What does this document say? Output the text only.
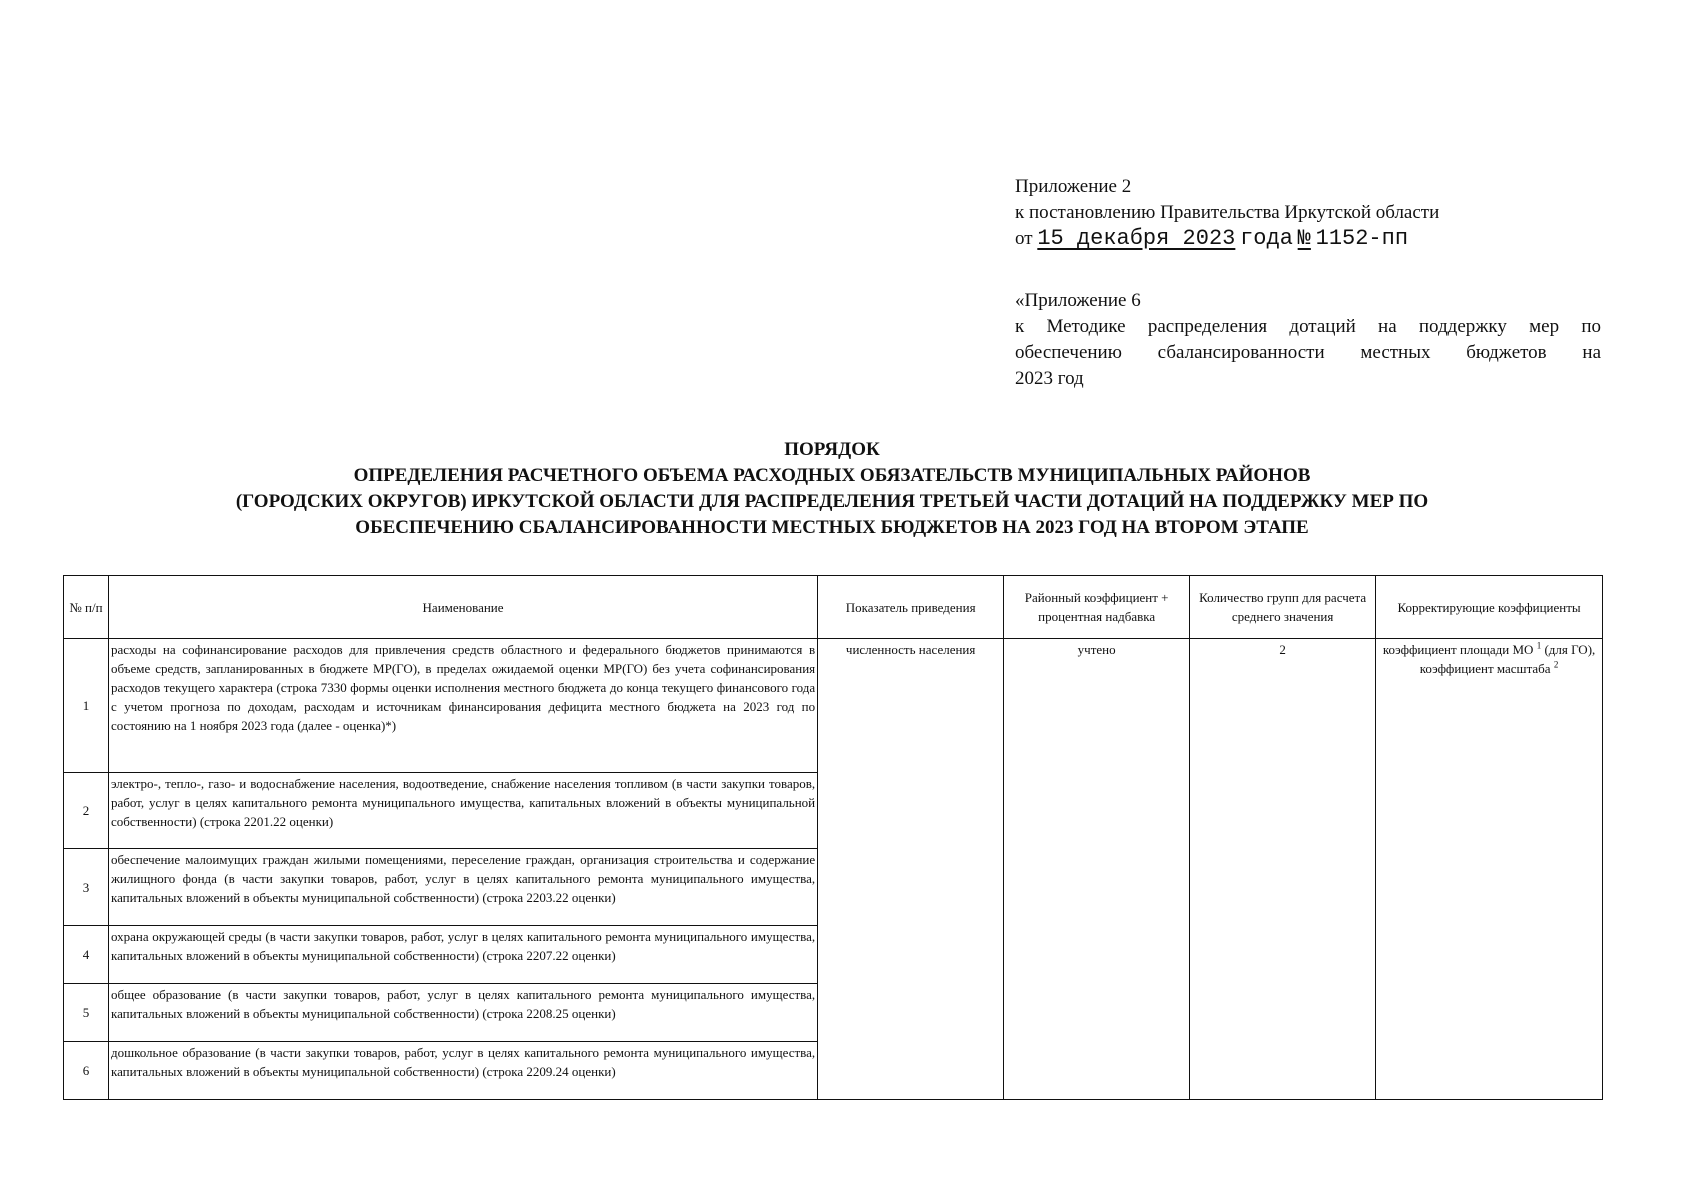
Приложение 2
к постановлению Правительства Иркутской области
от 15 декабря 2023 года № 1152-пп
«Приложение 6
к Методике распределения дотаций на поддержку мер по
обеспечению сбалансированности местных бюджетов на
2023 год
ПОРЯДОК
ОПРЕДЕЛЕНИЯ РАСЧЕТНОГО ОБЪЕМА РАСХОДНЫХ ОБЯЗАТЕЛЬСТВ МУНИЦИПАЛЬНЫХ РАЙОНОВ
(ГОРОДСКИХ ОКРУГОВ) ИРКУТСКОЙ ОБЛАСТИ ДЛЯ РАСПРЕДЕЛЕНИЯ ТРЕТЬЕЙ ЧАСТИ ДОТАЦИЙ НА ПОДДЕРЖКУ МЕР ПО
ОБЕСПЕЧЕНИЮ СБАЛАНСИРОВАННОСТИ МЕСТНЫХ БЮДЖЕТОВ НА 2023 ГОД НА ВТОРОМ ЭТАПЕ
№ п/п	Наименование	Показатель приведения	Районный коэффициент + процентная надбавка	Количество групп для расчета среднего значения	Корректирующие коэффициенты
1	расходы на софинансирование расходов для привлечения средств областного и федерального бюджетов принимаются в объеме средств, запланированных в бюджете МР(ГО), в пределах ожидаемой оценки МР(ГО) без учета софинансирования расходов текущего характера (строка 7330 формы оценки исполнения местного бюджета до конца текущего финансового года с учетом прогноза по доходам, расходам и источникам финансирования дефицита местного бюджета на 2023 год по состоянию на 1 ноября 2023 года (далее - оценка)*)	численность населения	учтено	2	коэффициент площади МО $^1$ (для ГО), коэффициент масштаба $^2$
2	электро-, тепло-, газо- и водоснабжение населения, водоотведение, снабжение населения топливом (в части закупки товаров, работ, услуг в целях капитального ремонта муниципального имущества, капитальных вложений в объекты муниципальной собственности) (строка 2201.22 оценки)				
3	обеспечение малоимущих граждан жилыми помещениями, переселение граждан, организация строительства и содержание жилищного фонда (в части закупки товаров, работ, услуг в целях капитального ремонта муниципального имущества, капитальных вложений в объекты муниципальной собственности) (строка 2203.22 оценки)				
4	охрана окружающей среды (в части закупки товаров, работ, услуг в целях капитального ремонта муниципального имущества, капитальных вложений в объекты муниципальной собственности) (строка 2207.22 оценки)				
5	общее образование (в части закупки товаров, работ, услуг в целях капитального ремонта муниципального имущества, капитальных вложений в объекты муниципальной собственности) (строка 2208.25 оценки)				
6	дошкольное образование (в части закупки товаров, работ, услуг в целях капитального ремонта муниципального имущества, капитальных вложений в объекты муниципальной собственности) (строка 2209.24 оценки)				
